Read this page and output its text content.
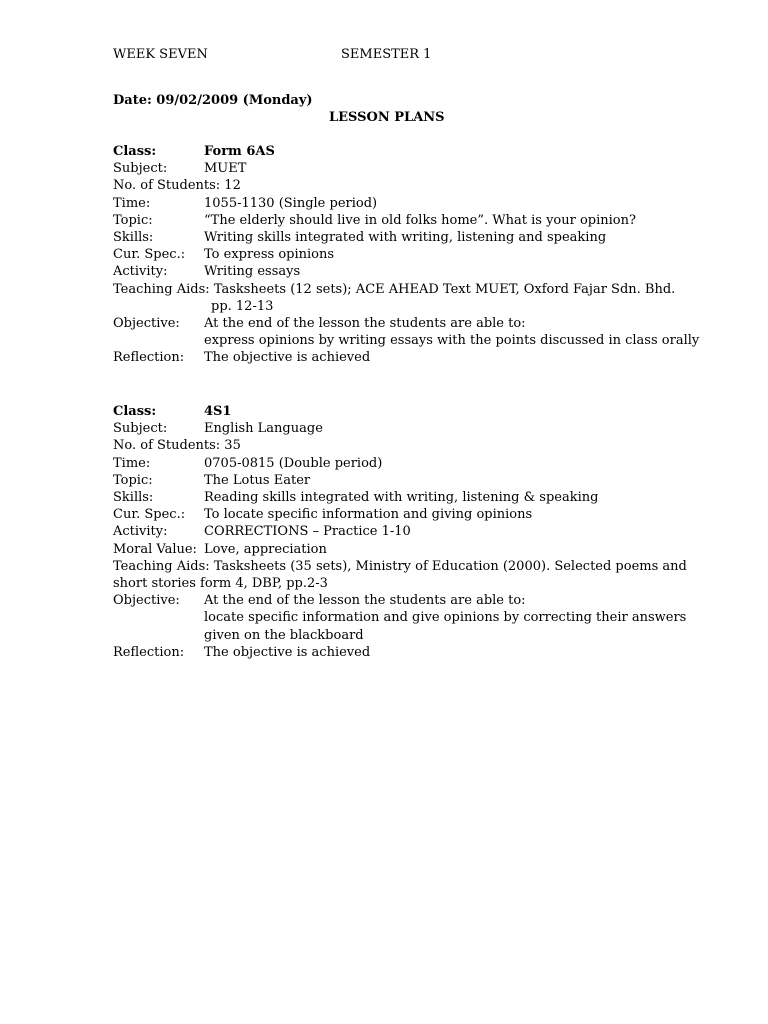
WEEK SEVEN	SEMESTER 1
Date: 09/02/2009 (Monday)
LESSON PLANS
Class:	Form 6AS
Subject:	MUET
No. of Students: 12
Time:	1055-1130 (Single period)
Topic:	“The elderly should live in old folks home”. What is your opinion?
Skills:	Writing skills integrated with writing, listening and speaking
Cur. Spec.: To express opinions
Activity:	Writing essays
Teaching Aids: Tasksheets (12 sets); ACE AHEAD Text MUET, Oxford Fajar Sdn. Bhd.
pp. 12-13
Objective: At the end of the lesson the students are able to:
express opinions by writing essays with the points discussed in class orally
Reflection: The objective is achieved
Class:	4S1
Subject:	English Language
No. of Students: 35
Time:	0705-0815 (Double period)
Topic:	The Lotus Eater
Skills:	Reading skills integrated with writing, listening & speaking
Cur. Spec.: To locate specific information and giving opinions
Activity:	CORRECTIONS – Practice 1-10
Moral Value: Love, appreciation
Teaching Aids: Tasksheets (35 sets), Ministry of Education (2000). Selected poems and
short stories form 4, DBP, pp.2-3
Objective: At the end of the lesson the students are able to:
locate specific information and give opinions by correcting their answers
given on the blackboard
Reflection: The objective is achieved
